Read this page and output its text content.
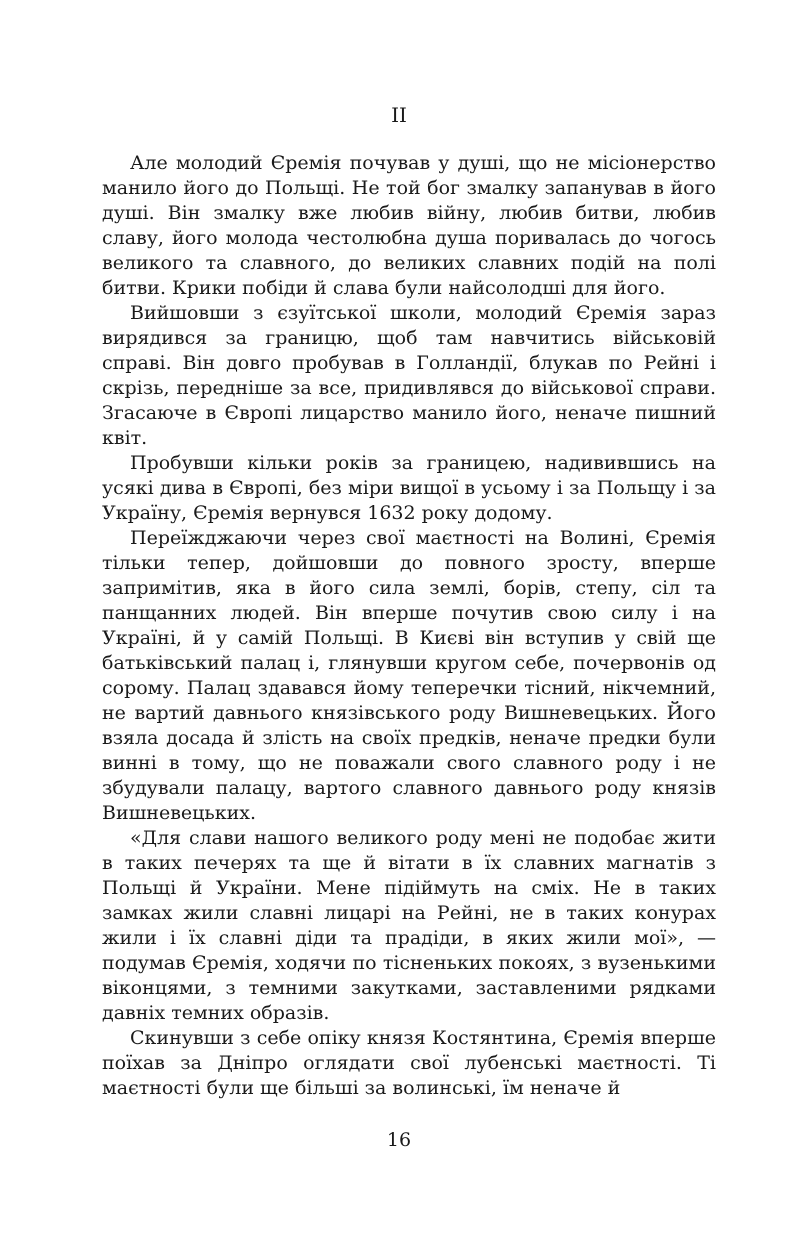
II

Але молодий Єремія почував у душі, що не місіонерство манило його до Польщі. Не той бог змалку запанував в його душі. Він змалку вже любив війну, любив битви, любив славу, його молода честолюбна душа поривалась до чогось великого та славного, до великих славних подій на полі битви. Крики побіди й слава були найсолодші для його.

Вийшовши з єзуїтської школи, молодий Єремія зараз вирядився за границю, щоб там навчитись військовій справі. Він довго пробував в Голландії, блукав по Рейні і скрізь, передніше за все, придивлявся до військової справи. Згасаюче в Європі лицарство манило його, неначе пишний квіт.

Пробувши кільки років за границею, надивившись на усякі дива в Європі, без міри вищої в усьому і за Польщу і за Україну, Єремія вернувся 1632 року додому.

Переїжджаючи через свої маєтності на Волині, Єремія тільки тепер, дойшовши до повного зросту, вперше запримітив, яка в його сила землі, борів, степу, сіл та панщанних людей. Він вперше почутив свою силу і на Україні, й у самій Польщі. В Києві він вступив у свій ще батьківський палац і, глянувши кругом себе, почервонів од сорому. Палац здавався йому теперечки тісний, нікчемний, не вартий давнього князівського роду Вишневецьких. Його взяла досада й злість на своїх предків, неначе предки були винні в тому, що не поважали свого славного роду і не збудували палацу, вартого славного давнього роду князів Вишневецьких.

«Для слави нашого великого роду мені не подобає жити в таких печерях та ще й вітати в їх славних магнатів з Польщі й України. Мене підіймуть на сміх. Не в таких замках жили славні лицарі на Рейні, не в таких конурах жили і їх славні діди та прадіди, в яких жили мої», — подумав Єремія, ходячи по тісненьких покоях, з вузенькими віконцями, з темними закутками, заставленими рядками давніх темних образів.

Скинувши з себе опіку князя Костянтина, Єремія вперше поїхав за Дніпро оглядати свої лубенські маєтності. Ті маєтності були ще більші за волинські, їм неначе й

16
